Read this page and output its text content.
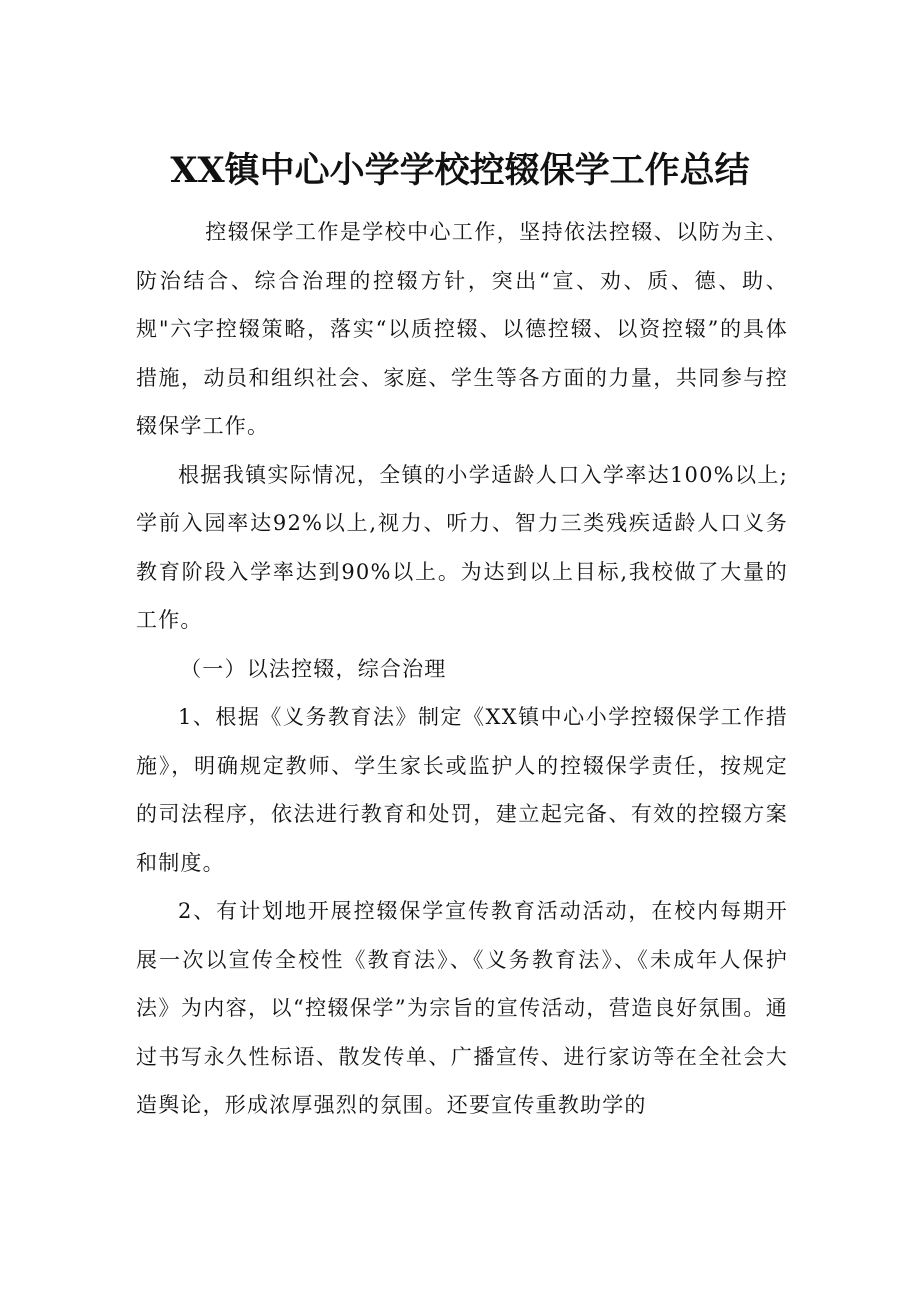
XX镇中心小学学校控辍保学工作总结

控辍保学工作是学校中心工作，坚持依法控辍、以防为主、防治结合、综合治理的控辍方针，突出“宣、劝、质、德、助、规"六字控辍策略，落实“以质控辍、以德控辍、以资控辍”的具体措施，动员和组织社会、家庭、学生等各方面的力量，共同参与控辍保学工作。

根据我镇实际情况，全镇的小学适龄人口入学率达100%以上;学前入园率达92%以上,视力、听力、智力三类残疾适龄人口义务教育阶段入学率达到90%以上。为达到以上目标,我校做了大量的工作。

（一）以法控辍，综合治理

1、根据《义务教育法》制定《XX镇中心小学控辍保学工作措施》，明确规定教师、学生家长或监护人的控辍保学责任，按规定的司法程序，依法进行教育和处罚，建立起完备、有效的控辍方案和制度。

2、有计划地开展控辍保学宣传教育活动活动，在校内每期开展一次以宣传全校性《教育法》、《义务教育法》、《未成年人保护法》为内容，以“控辍保学”为宗旨的宣传活动，营造良好氛围。通过书写永久性标语、散发传单、广播宣传、进行家访等在全社会大造舆论，形成浓厚强烈的氛围。还要宣传重教助学的
